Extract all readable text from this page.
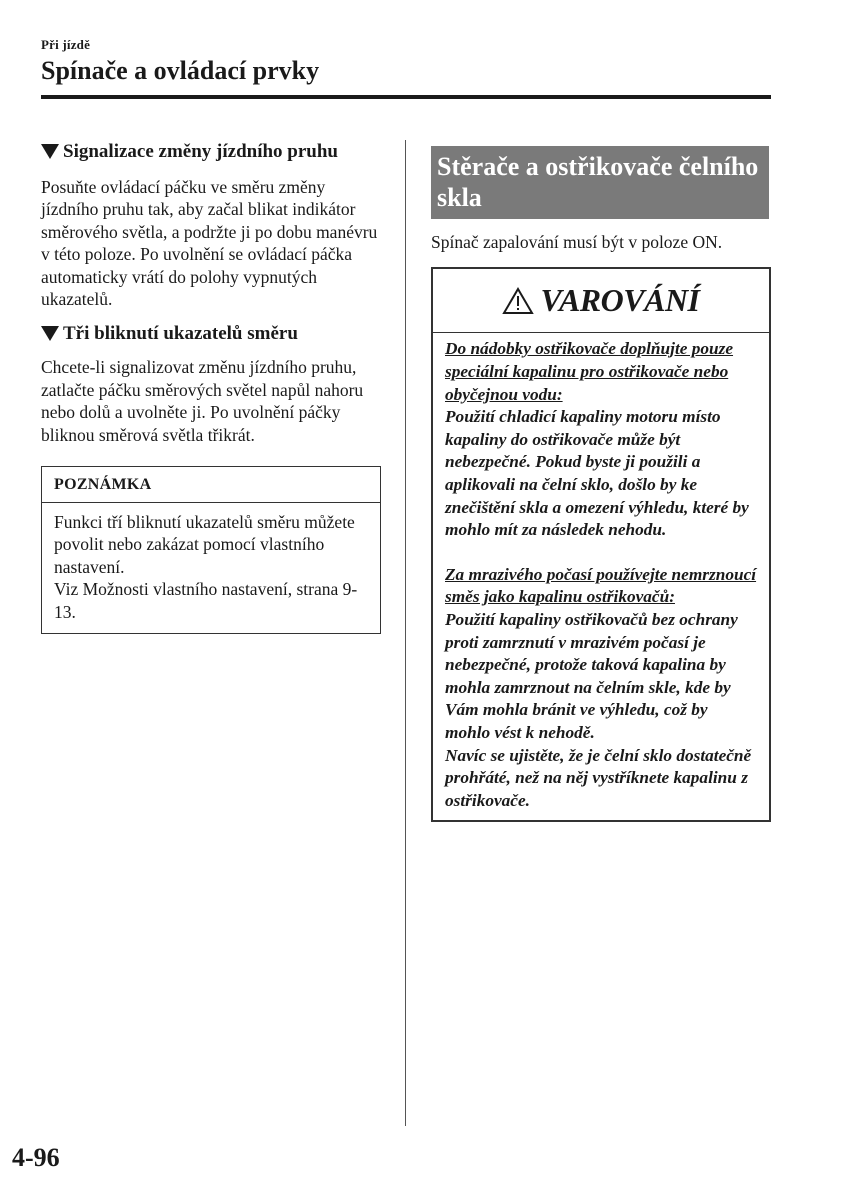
Při jízdě
Spínače a ovládací prvky
Signalizace změny jízdního pruhu

Posuňte ovládací páčku ve směru změny jízdního pruhu tak, aby začal blikat indikátor směrového světla, a podržte ji po dobu manévru v této poloze. Po uvolnění se ovládací páčka automaticky vrátí do polohy vypnutých ukazatelů.

Tři bliknutí ukazatelů směru

Chcete-li signalizovat změnu jízdního pruhu, zatlačte páčku směrových světel napůl nahoru nebo dolů a uvolněte ji. Po uvolnění páčky bliknou směrová světla třikrát.

POZNÁMKA
Funkci tří bliknutí ukazatelů směru můžete povolit nebo zakázat pomocí vlastního nastavení.
Viz Možnosti vlastního nastavení, strana 9-13.
Stěrače a ostřikovače čelního skla

Spínač zapalování musí být v poloze ON.

VAROVÁNÍ

Do nádobky ostřikovače doplňujte pouze speciální kapalinu pro ostřikovače nebo obyčejnou vodu:
Použití chladicí kapaliny motoru místo kapaliny do ostřikovače může být nebezpečné. Pokud byste ji použili a aplikovali na čelní sklo, došlo by ke znečištění skla a omezení výhledu, které by mohlo mít za následek nehodu.

Za mrazivého počasí používejte nemrznoucí směs jako kapalinu ostřikovačů:
Použití kapaliny ostřikovačů bez ochrany proti zamrznutí v mrazivém počasí je nebezpečné, protože taková kapalina by mohla zamrznout na čelním skle, kde by Vám mohla bránit ve výhledu, což by mohlo vést k nehodě.
Navíc se ujistěte, že je čelní sklo dostatečně prohřáté, než na něj vystříknete kapalinu z ostřikovače.

4-96
